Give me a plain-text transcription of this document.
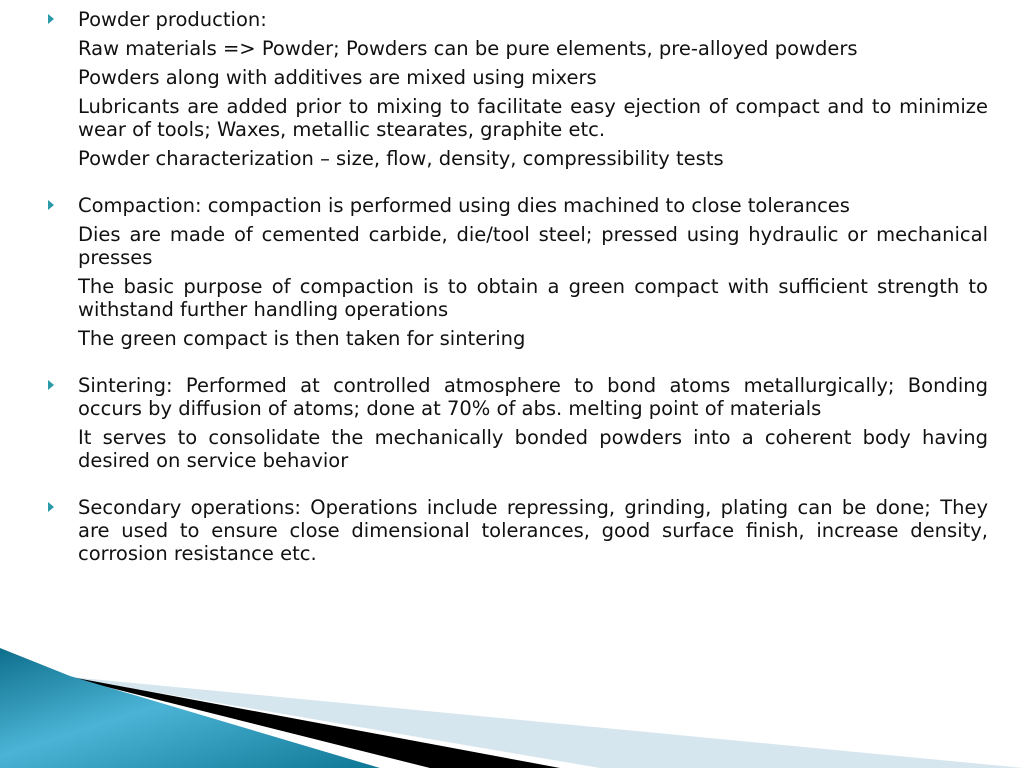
Powder production:

Raw materials => Powder; Powders can be pure elements, pre-alloyed powders

Powders along with additives are mixed using mixers

Lubricants are added prior to mixing to facilitate easy ejection of compact and to minimize wear of tools; Waxes, metallic stearates, graphite etc.

Powder characterization – size, flow, density, compressibility tests

Compaction: compaction is performed using dies machined to close tolerances

Dies are made of cemented carbide, die/tool steel; pressed using hydraulic or mechanical presses

The basic purpose of compaction is to obtain a green compact with sufficient strength to withstand further handling operations

The green compact is then taken for sintering

Sintering: Performed at controlled atmosphere to bond atoms metallurgically; Bonding occurs by diffusion of atoms; done at 70% of abs. melting point of materials

It serves to consolidate the mechanically bonded powders into a coherent body having desired on service behavior

Secondary operations: Operations include repressing, grinding, plating can be done; They are used to ensure close dimensional tolerances, good surface finish, increase density, corrosion resistance etc.
